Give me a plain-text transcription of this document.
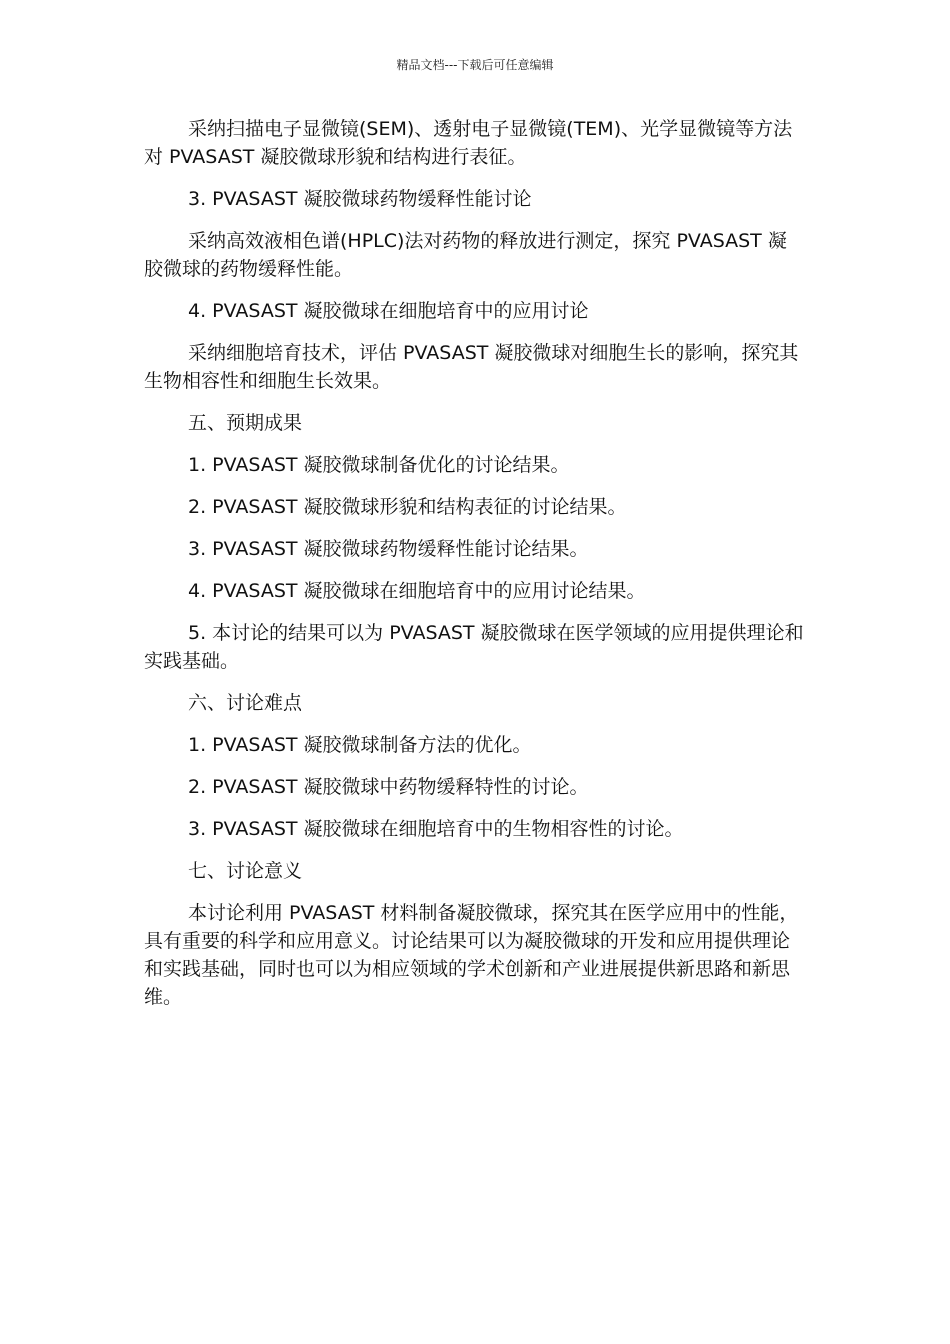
精品文档---下载后可任意编辑

采纳扫描电子显微镜(SEM)、透射电子显微镜(TEM)、光学显微镜等方法对 PVASAST 凝胶微球形貌和结构进行表征。

3. PVASAST 凝胶微球药物缓释性能讨论

采纳高效液相色谱(HPLC)法对药物的释放进行测定，探究 PVASAST 凝胶微球的药物缓释性能。

4. PVASAST 凝胶微球在细胞培育中的应用讨论

采纳细胞培育技术，评估 PVASAST 凝胶微球对细胞生长的影响，探究其生物相容性和细胞生长效果。

五、预期成果

1. PVASAST 凝胶微球制备优化的讨论结果。

2. PVASAST 凝胶微球形貌和结构表征的讨论结果。

3. PVASAST 凝胶微球药物缓释性能讨论结果。

4. PVASAST 凝胶微球在细胞培育中的应用讨论结果。

5. 本讨论的结果可以为 PVASAST 凝胶微球在医学领域的应用提供理论和实践基础。

六、讨论难点

1. PVASAST 凝胶微球制备方法的优化。

2. PVASAST 凝胶微球中药物缓释特性的讨论。

3. PVASAST 凝胶微球在细胞培育中的生物相容性的讨论。

七、讨论意义

本讨论利用 PVASAST 材料制备凝胶微球，探究其在医学应用中的性能，具有重要的科学和应用意义。讨论结果可以为凝胶微球的开发和应用提供理论和实践基础，同时也可以为相应领域的学术创新和产业进展提供新思路和新思维。
